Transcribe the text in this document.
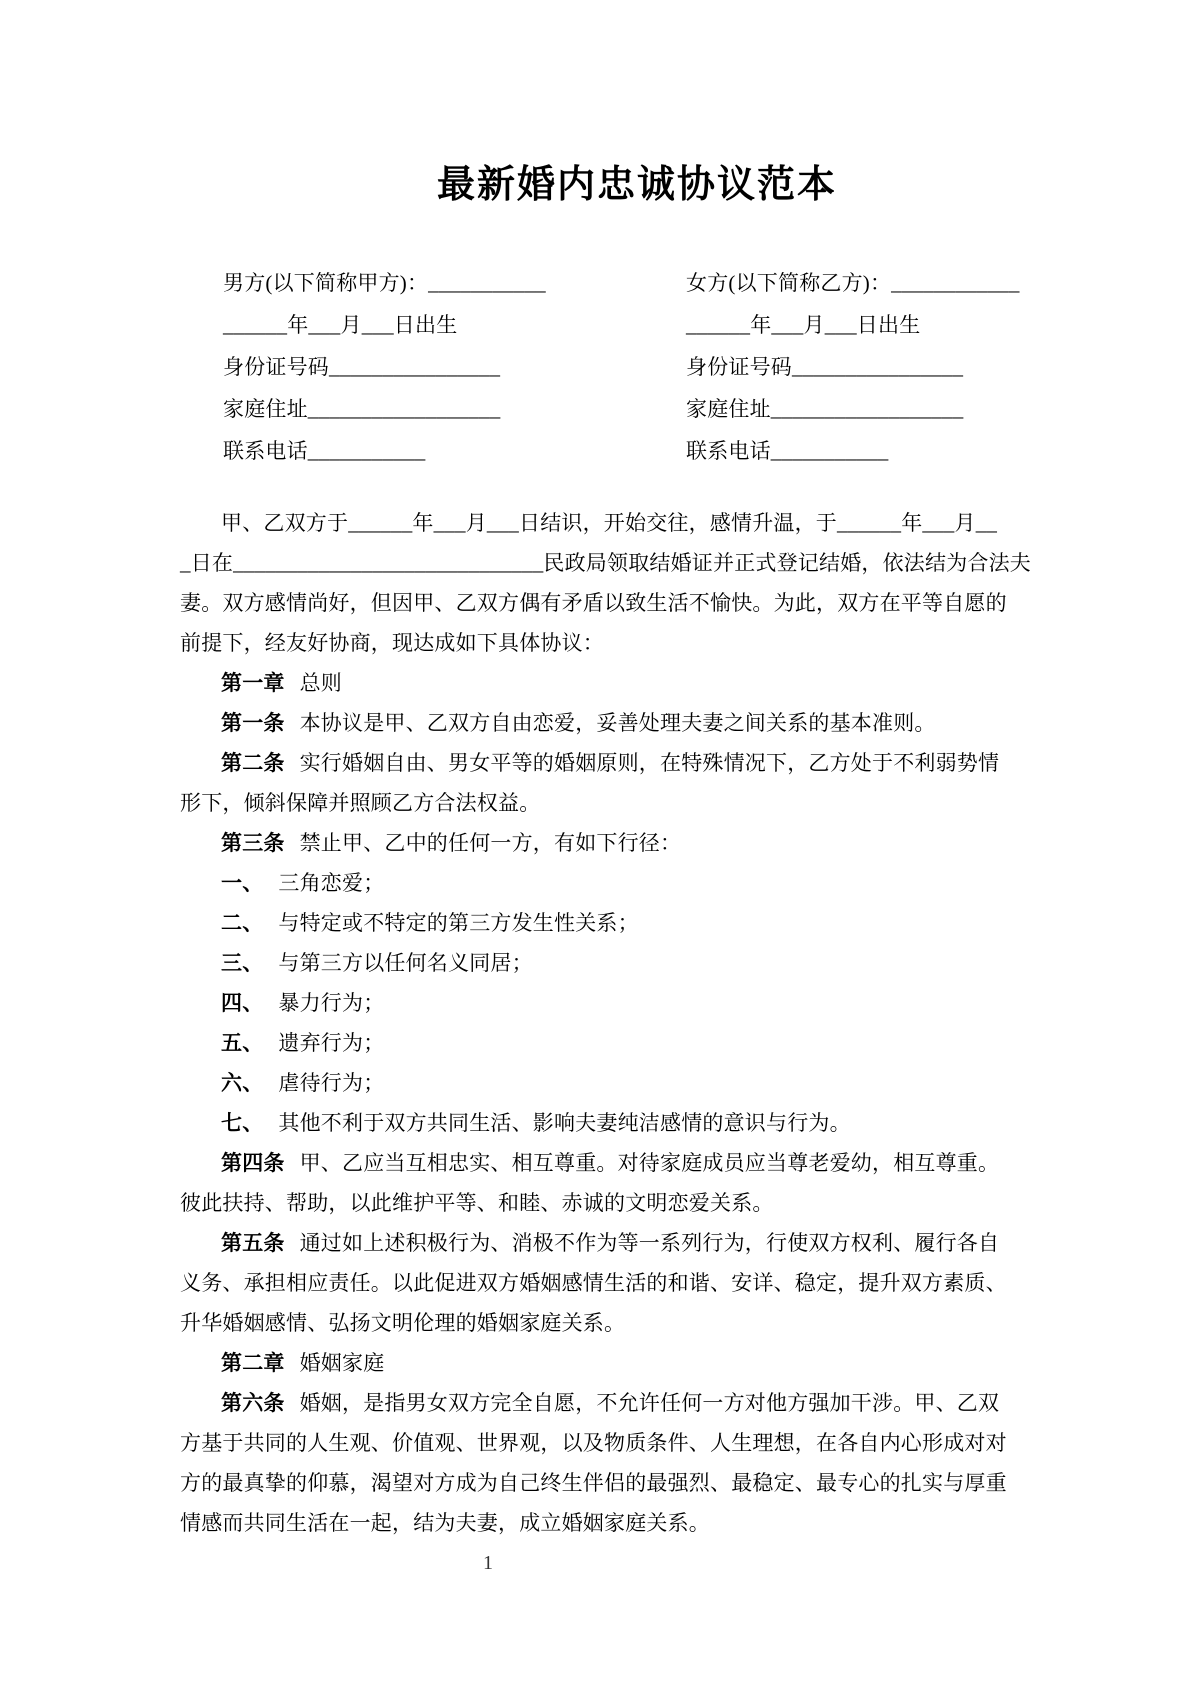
最新婚内忠诚协议范本
男方(以下简称甲方)：___________
______年___月___日出生
身份证号码________________
家庭住址__________________
联系电话___________
女方(以下简称乙方)：____________
______年___月___日出生
身份证号码________________
家庭住址__________________
联系电话___________
甲、乙双方于______年___月___日结识，开始交往，感情升温，于______年___月__
_日在_____________________________民政局领取结婚证并正式登记结婚，依法结为合法夫
妻。双方感情尚好，但因甲、乙双方偶有矛盾以致生活不愉快。为此，双方在平等自愿的
前提下，经友好协商，现达成如下具体协议：
第一章 总则
第一条 本协议是甲、乙双方自由恋爱，妥善处理夫妻之间关系的基本准则。
第二条 实行婚姻自由、男女平等的婚姻原则，在特殊情况下，乙方处于不利弱势情
形下，倾斜保障并照顾乙方合法权益。
第三条 禁止甲、乙中的任何一方，有如下行径：
一、 三角恋爱；
二、 与特定或不特定的第三方发生性关系；
三、 与第三方以任何名义同居；
四、 暴力行为；
五、 遗弃行为；
六、 虐待行为；
七、 其他不利于双方共同生活、影响夫妻纯洁感情的意识与行为。
第四条 甲、乙应当互相忠实、相互尊重。对待家庭成员应当尊老爱幼，相互尊重。
彼此扶持、帮助，以此维护平等、和睦、赤诚的文明恋爱关系。
第五条 通过如上述积极行为、消极不作为等一系列行为，行使双方权利、履行各自
义务、承担相应责任。以此促进双方婚姻感情生活的和谐、安详、稳定，提升双方素质、
升华婚姻感情、弘扬文明伦理的婚姻家庭关系。
第二章 婚姻家庭
第六条 婚姻，是指男女双方完全自愿，不允许任何一方对他方强加干涉。甲、乙双
方基于共同的人生观、价值观、世界观，以及物质条件、人生理想，在各自内心形成对对
方的最真挚的仰慕，渴望对方成为自己终生伴侣的最强烈、最稳定、最专心的扎实与厚重
情感而共同生活在一起，结为夫妻，成立婚姻家庭关系。
1
